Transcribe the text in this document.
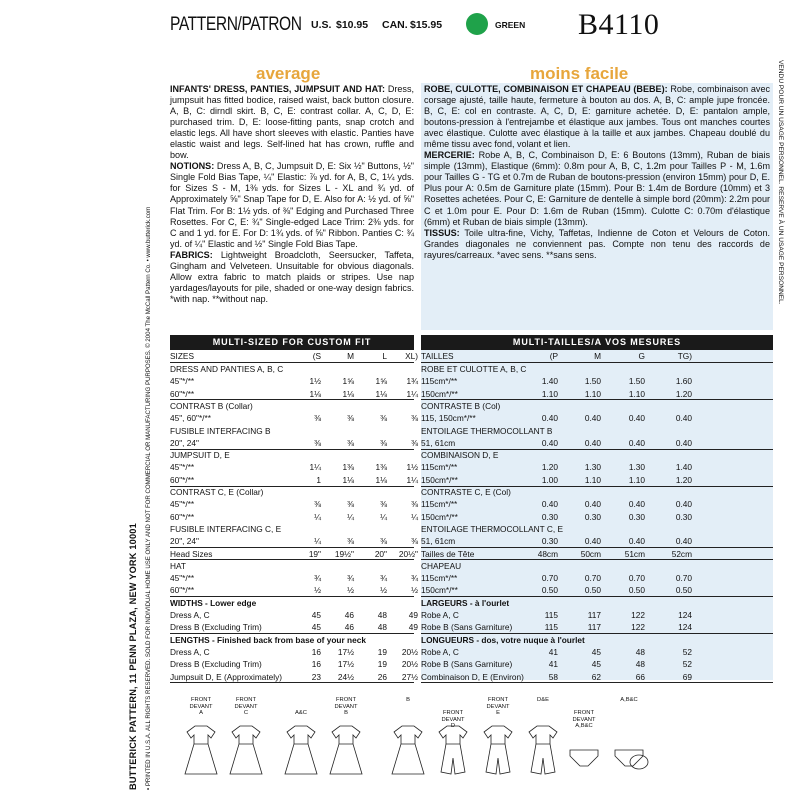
BUTTERICK PATTERN, 11 PENN PLAZA, NEW YORK 10001 • PRINTED IN U.S.A. ALL RIGHTS RESERVED. SOLD FOR INDIVIDUAL HOME USE ONLY AND NOT FOR COMMERCIAL OR MANUFACTURING PURPOSES. © 2004 The McCall Pattern Co. • www.butterick.com	VENDU POUR UN USAGE PERSONNEL. RESERVE À UN USAGE PERSONNEL.
PATTERN/PATRON U.S. $10.95 CAN. $15.95	GREEN B4110
average	moins facile
INFANTS' DRESS, PANTIES, JUMPSUIT AND HAT: Dress, jumpsuit has fitted bodice, raised waist, back button closure. A, B, C: dirndl skirt. B, C, E: contrast collar. A, C, D, E: purchased trim. D, E: loose-fitting pants, snap crotch and elastic legs. All have short sleeves with elastic. Panties have elastic waist and legs. Self-lined hat has crown, ruffle and bow.
NOTIONS: Dress A, B, C, Jumpsuit D, E: Six ½" Buttons, ½" Single Fold Bias Tape, ¼" Elastic: ⅞ yd. for A, B, C, 1¼ yds. for Sizes S - M, 1⅜ yds. for Sizes L - XL and ¾ yd. of Approximately ⅝" Snap Tape for D, E. Also for A: ½ yd. of ⅝" Flat Trim. For B: 1½ yds. of ⅜" Edging and Purchased Three Rosettes. For C, E: ¾" Single-edged Lace Trim: 2⅜ yds. for C and 1 yd. for E. For D: 1¾ yds. of ⅝" Ribbon. Panties C: ¾ yd. of ¼" Elastic and ½" Single Fold Bias Tape.
FABRICS: Lightweight Broadcloth, Seersucker, Taffeta, Gingham and Velveteen. Unsuitable for obvious diagonals. Allow extra fabric to match plaids or stripes. Use nap yardages/layouts for pile, shaded or one-way design fabrics. *with nap. **without nap.
ROBE, CULOTTE, COMBINAISON ET CHAPEAU (BEBE): Robe, combinaison avec corsage ajusté, taille haute, fermeture à bouton au dos. A, B, C: ample jupe froncée. B, C, E: col en contraste. A, C, D, E: garniture achetée. D, E: pantalon ample, boutons-pression à l'entrejambe et élastique aux jambes. Tous ont manches courtes avec élastique. Culotte avec élastique à la taille et aux jambes. Chapeau doublé du même tissu avec fond, volant et lien.
MERCERIE: Robe A, B, C, Combinaison D, E: 6 Boutons (13mm), Ruban de biais simple (13mm), Elastique (6mm): 0.8m pour A, B, C, 1.2m pour Tailles P - M, 1.6m pour Tailles G - TG et 0.7m de Ruban de boutons-pression (environ 15mm) pour D, E. Plus pour A: 0.5m de Garniture plate (15mm). Pour B: 1.4m de Bordure (10mm) et 3 Rosettes achetées. Pour C, E: Garniture de dentelle à simple bord (20mm): 2.2m pour C et 1.0m pour E. Pour D: 1.6m de Ruban (15mm). Culotte C: 0.70m d'élastique (6mm) et Ruban de biais simple (13mm).
TISSUS: Toile ultra-fine, Vichy, Taffetas, Indienne de Coton et Velours de Coton. Grandes diagonales ne conviennent pas. Compte non tenu des raccords de rayures/carreaux. *avec sens. **sans sens.
MULTI-SIZED FOR CUSTOM FIT	MULTI-TAILLES/A VOS MESURES
SIZES	(S	M	L	XL)
DRESS AND PANTIES A, B, C
45"*/**	1½	1⅝	1⅝	1¾
60"*/**	1⅛	1⅛	1⅛	1¼
CONTRAST B (Collar)
45", 60"*/**	⅜	⅜	⅜	⅜
FUSIBLE INTERFACING B
20", 24"	⅜	⅜	⅜	⅜
JUMPSUIT D, E
45"*/**	1¼	1⅜	1⅜	1½
60"*/**	1	1⅛	1⅛	1¼
CONTRAST C, E (Collar)
45"*/**	⅜	⅜	⅜	⅜
60"*/**	¼	¼	¼	¼
FUSIBLE INTERFACING C, E
20", 24"	¼	⅜	⅜	⅜
Head Sizes	19"	19½"	20"	20½"
HAT
45"*/**	¾	¾	¾	¾
60"*/**	½	½	½	½
WIDTHS - Lower edge
Dress A, C	45	46	48	49
Dress B (Excluding Trim)	45	46	48	49
LENGTHS - Finished back from base of your neck
Dress A, C	16	17½	19	20½
Dress B (Excluding Trim)	16	17½	19	20½
Jumpsuit D, E (Approximately)	23	24½	26	27½
TAILLES	(P	M	G	TG)
ROBE ET CULOTTE A, B, C
115cm*/**	1.40	1.50	1.50	1.60
150cm*/**	1.10	1.10	1.10	1.20
CONTRASTE B (Col)
115, 150cm*/**	0.40	0.40	0.40	0.40
ENTOILAGE THERMOCOLLANT B
51, 61cm	0.40	0.40	0.40	0.40
COMBINAISON D, E
115cm*/**	1.20	1.30	1.30	1.40
150cm*/**	1.00	1.10	1.10	1.20
CONTRASTE C, E (Col)
115cm*/**	0.40	0.40	0.40	0.40
150cm*/**	0.30	0.30	0.30	0.30
ENTOILAGE THERMOCOLLANT C, E
51, 61cm	0.30	0.40	0.40	0.40
Tailles de Tête	48cm	50cm	51cm	52cm
CHAPEAU
115cm*/**	0.70	0.70	0.70	0.70
150cm*/**	0.50	0.50	0.50	0.50
LARGEURS - à l'ourlet
Robe A, C	115	117	122	124
Robe B (Sans Garniture)	115	117	122	124
LONGUEURS - dos, votre nuque à l'ourlet
Robe A, C	41	45	48	52
Robe B (Sans Garniture)	41	45	48	52
Combinaison D, E (Environ)	58	62	66	69
FRONT
DEVANT
A
FRONT
DEVANT
C	A&C
FRONT
DEVANT
B
B
FRONT
DEVANT
D
FRONT
DEVANT
E
D&E
FRONT
DEVANT
A,B&C
A,B&C
